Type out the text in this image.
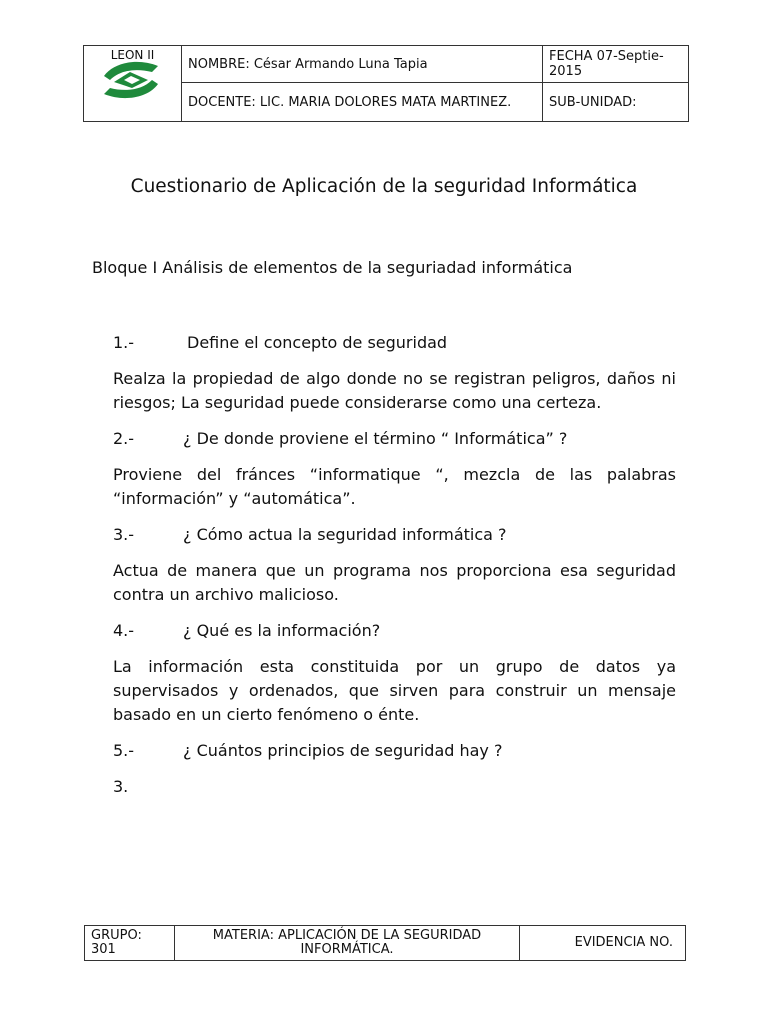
LEON II	NOMBRE: César Armando Luna Tapia	FECHA 07-Septie-2015
	DOCENTE: LIC. MARIA DOLORES MATA MARTINEZ.	SUB-UNIDAD:
Cuestionario de Aplicación de la seguridad Informática
Bloque I Análisis de elementos de la seguriadad informática
1.-	Define el concepto de seguridad

Realza la propiedad de algo donde no se registran peligros, daños ni riesgos; La seguridad puede considerarse como una certeza.

2.-	¿ De donde proviene el término “ Informática” ?

Proviene del fránces “informatique “, mezcla de las palabras “información” y “automática”.

3.-	¿ Cómo actua la seguridad informática ?

Actua de manera que un programa nos proporciona esa seguridad contra un archivo malicioso.

4.-	¿ Qué es la información?

La información esta constituida por un grupo de datos ya supervisados y ordenados, que sirven para construir un mensaje basado en un cierto fenómeno o énte.

5.-	¿ Cuántos principios de seguridad hay ?

3.

GRUPO: 301	MATERIA: APLICACIÓN DE LA SEGURIDAD INFORMÁTICA.	EVIDENCIA NO.
